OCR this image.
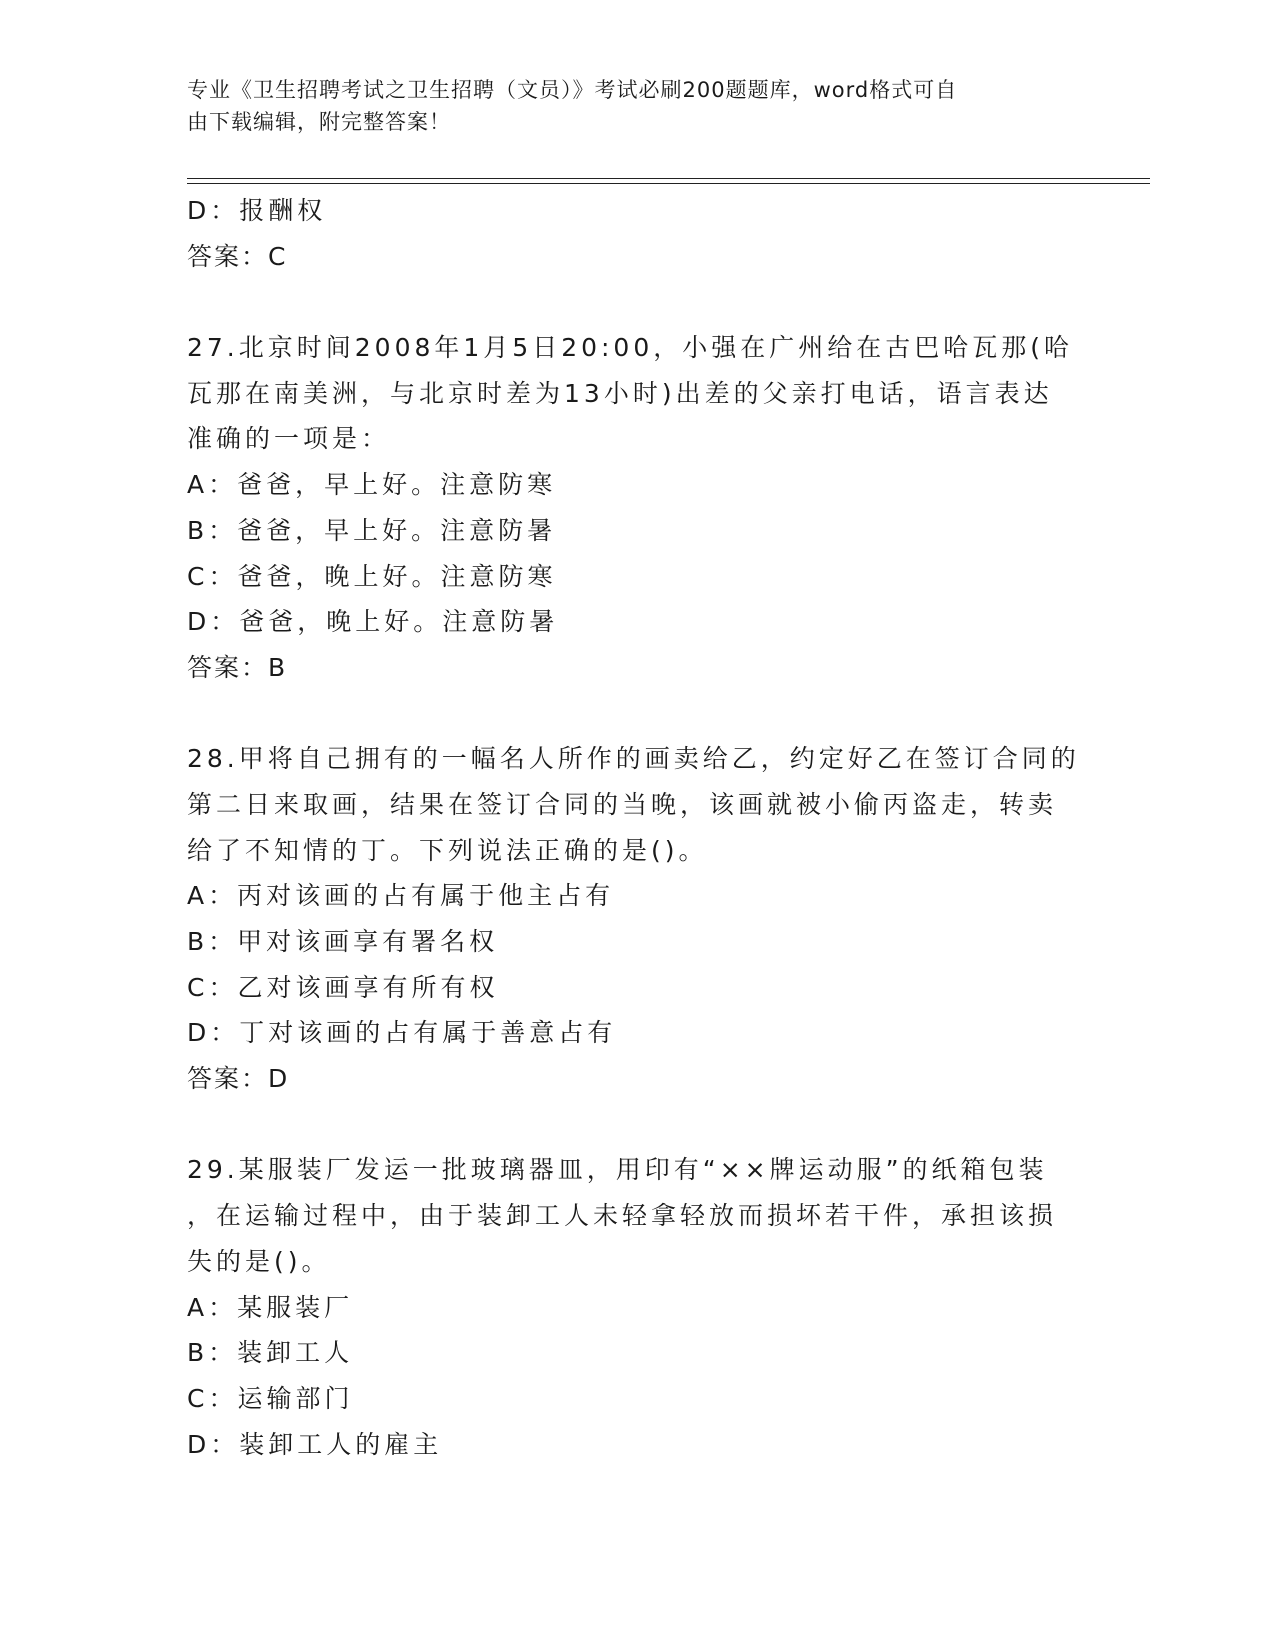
专业《卫生招聘考试之卫生招聘（文员）》考试必刷200题题库，word格式可自
由下载编辑，附完整答案！
D：报酬权
答案：C
27.北京时间2008年1月5日20:00，小强在广州给在古巴哈瓦那(哈
瓦那在南美洲，与北京时差为13小时)出差的父亲打电话，语言表达
准确的一项是：
A：爸爸，早上好。注意防寒
B：爸爸，早上好。注意防暑
C：爸爸，晚上好。注意防寒
D：爸爸，晚上好。注意防暑
答案：B
28.甲将自己拥有的一幅名人所作的画卖给乙，约定好乙在签订合同的
第二日来取画，结果在签订合同的当晚，该画就被小偷丙盗走，转卖
给了不知情的丁。下列说法正确的是()。
A：丙对该画的占有属于他主占有
B：甲对该画享有署名权
C：乙对该画享有所有权
D：丁对该画的占有属于善意占有
答案：D
29.某服装厂发运一批玻璃器皿，用印有“××牌运动服”的纸箱包装
，在运输过程中，由于装卸工人未轻拿轻放而损坏若干件，承担该损
失的是()。
A：某服装厂
B：装卸工人
C：运输部门
D：装卸工人的雇主
